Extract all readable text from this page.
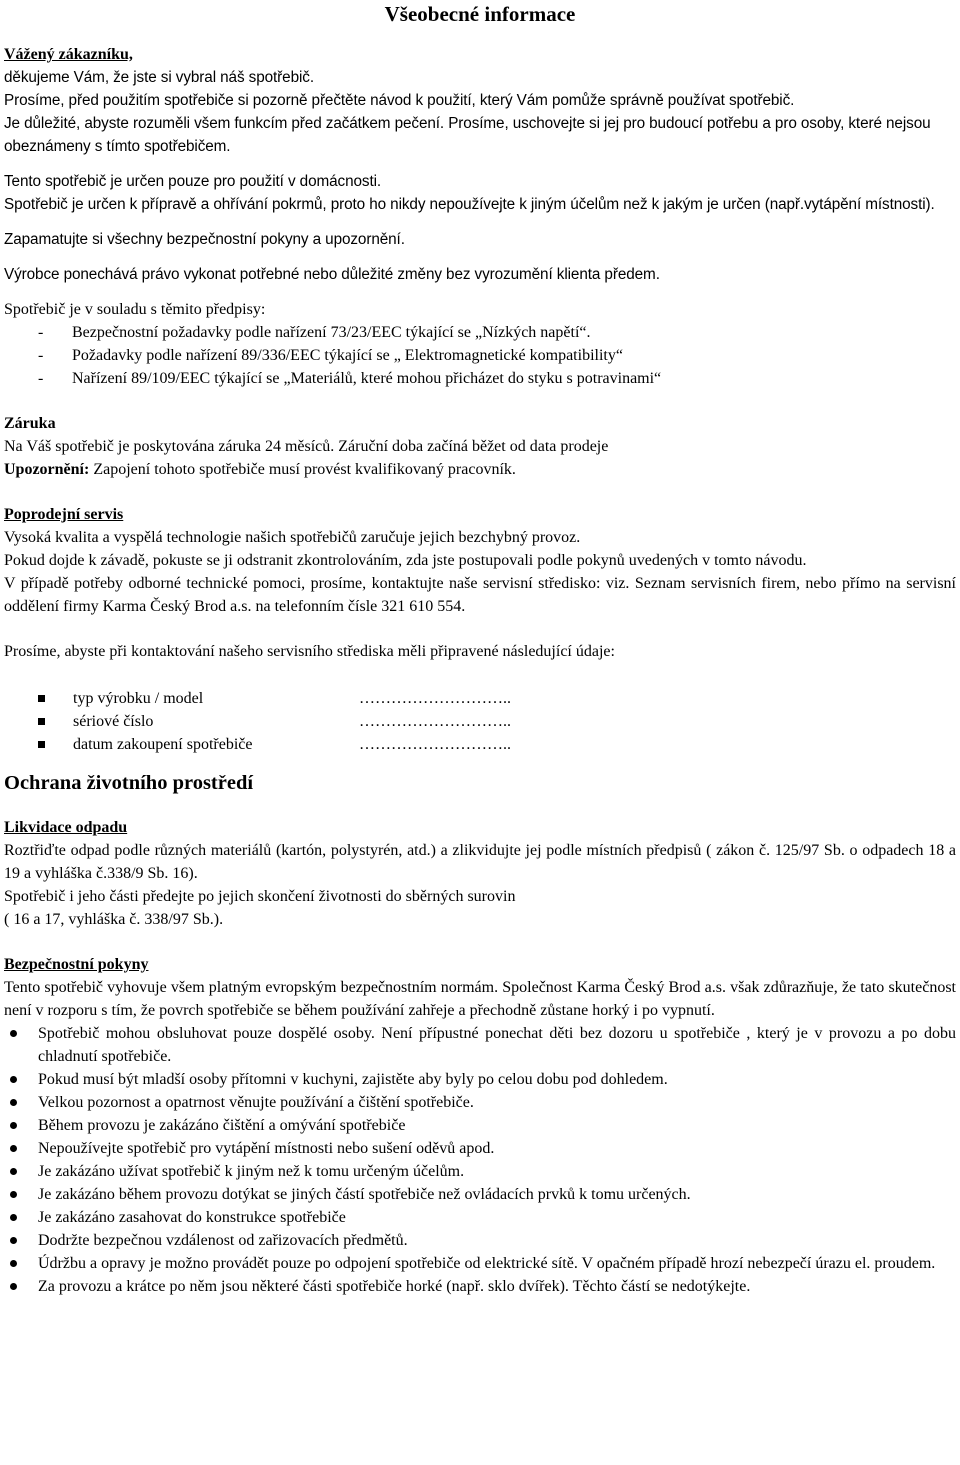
Všeobecné informace

Vážený zákazníku,

děkujeme Vám, že jste si vybral náš spotřebič.

Prosíme, před použitím spotřebiče si pozorně přečtěte návod k použití, který Vám pomůže správně používat spotřebič.

Je důležité, abyste rozuměli všem funkcím před začátkem pečení. Prosíme, uschovejte si jej pro budoucí potřebu a pro osoby, které nejsou obeznámeny s tímto spotřebičem.

Tento spotřebič je určen pouze pro použití v domácnosti.

Spotřebič je určen k přípravě a ohřívání pokrmů, proto ho nikdy nepoužívejte k jiným účelům než k jakým je určen (např.vytápění místnosti).

Zapamatujte si všechny bezpečnostní pokyny a upozornění.

Výrobce ponechává právo vykonat potřebné nebo důležité změny bez vyrozumění klienta předem.

Spotřebič je v souladu s těmito předpisy:

- Bezpečnostní požadavky podle nařízení 73/23/EEC týkající se „Nízkých napětí“.
- Požadavky podle nařízení 89/336/EEC týkající se „ Elektromagnetické kompatibility“
- Nařízení 89/109/EEC týkající se „Materiálů, které mohou přicházet do styku s potravinami“

Záruka

Na Váš spotřebič je poskytována záruka 24 měsíců. Záruční doba začíná běžet od data prodeje

Upozornění: Zapojení tohoto spotřebiče musí provést kvalifikovaný pracovník.

Poprodejní servis

Vysoká kvalita a vyspělá technologie našich spotřebičů zaručuje jejich bezchybný provoz.

Pokud dojde k závadě, pokuste se ji odstranit zkontrolováním, zda jste postupovali podle pokynů uvedených v tomto návodu.

V případě potřeby odborné technické pomoci, prosíme, kontaktujte naše servisní středisko: viz. Seznam servisních firem, nebo přímo na servisní oddělení firmy Karma Český Brod a.s. na telefonním čísle 321 610 554.

Prosíme, abyste při kontaktování našeho servisního střediska měli připravené následující údaje:

typ výrobku / model	………………………..
sériové číslo	………………………..
datum zakoupení spotřebiče	………………………..

Ochrana životního prostředí

Likvidace odpadu

Roztřiďte odpad podle různých materiálů (kartón, polystyrén, atd.) a zlikvidujte jej podle místních předpisů ( zákon č. 125/97 Sb. o odpadech 18 a 19 a vyhláška č.338/9 Sb. 16).

Spotřebič i jeho části předejte po jejich skončení životnosti do sběrných surovin

( 16 a 17, vyhláška č. 338/97 Sb.).

Bezpečnostní pokyny

Tento spotřebič vyhovuje všem platným evropským bezpečnostním normám. Společnost Karma Český Brod a.s. však zdůrazňuje, že tato skutečnost není v rozporu s tím, že povrch spotřebiče se během používání zahřeje a přechodně zůstane horký i po vypnutí.

Spotřebič mohou obsluhovat pouze dospělé osoby. Není přípustné ponechat děti bez dozoru u spotřebiče , který je v provozu a po dobu chladnutí spotřebiče.
Pokud musí být mladší osoby přítomni v kuchyni, zajistěte aby byly po celou dobu pod dohledem.
Velkou pozornost a opatrnost věnujte používání a čištění spotřebiče.
Během provozu je zakázáno čištění a omývání spotřebiče
Nepoužívejte spotřebič pro vytápění místnosti nebo sušení oděvů apod.
Je zakázáno užívat spotřebič k jiným než k tomu určeným účelům.
Je zakázáno během provozu dotýkat se jiných částí spotřebiče než ovládacích prvků k tomu určených.
Je zakázáno zasahovat do konstrukce spotřebiče
Dodržte bezpečnou vzdálenost od zařizovacích předmětů.
Údržbu a opravy je možno provádět pouze po odpojení spotřebiče od elektrické sítě. V opačném případě hrozí nebezpečí úrazu el. proudem.
Za provozu a krátce po něm jsou některé části spotřebiče horké (např. sklo dvířek). Těchto částí se nedotýkejte.
